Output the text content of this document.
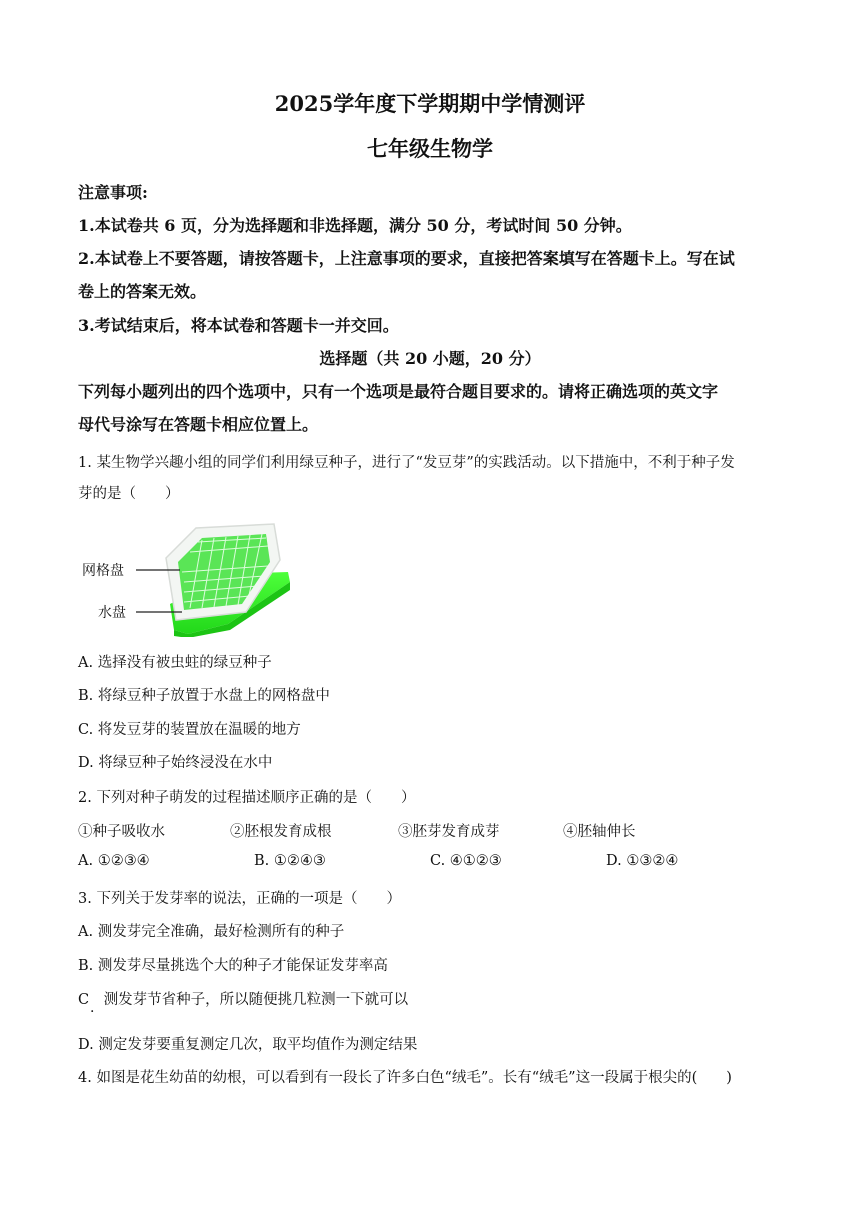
2025学年度下学期期中学情测评
七年级生物学
注意事项:
1.本试卷共 6 页，分为选择题和非选择题，满分 50 分，考试时间 50 分钟。
2.本试卷上不要答题，请按答题卡，上注意事项的要求，直接把答案填写在答题卡上。写在试
卷上的答案无效。
3.考试结束后，将本试卷和答题卡一并交回。
选择题（共 20 小题，20 分）
下列每小题列出的四个选项中，只有一个选项是最符合题目要求的。请将正确选项的英文字
母代号涂写在答题卡相应位置上。
1. 某生物学兴趣小组的同学们利用绿豆种子，进行了“发豆芽”的实践活动。以下措施中，不利于种子发
芽的是（　　）
网格盘
水盘
A. 选择没有被虫蛀的绿豆种子
B. 将绿豆种子放置于水盘上的网格盘中
C. 将发豆芽的装置放在温暖的地方
D. 将绿豆种子始终浸没在水中
2. 下列对种子萌发的过程描述顺序正确的是（　　）
①种子吸收水	②胚根发育成根	③胚芽发育成芽	④胚轴伸长
A. ①②③④	B. ①②④③	C. ④①②③	D. ①③②④
3. 下列关于发芽率的说法，正确的一项是（　　）
A. 测发芽完全准确，最好检测所有的种子
B. 测发芽尽量挑选个大的种子才能保证发芽率高
C　测发芽节省种子，所以随便挑几粒测一下就可以
·
D. 测定发芽要重复测定几次，取平均值作为测定结果
4. 如图是花生幼苗的幼根，可以看到有一段长了许多白色“绒毛”。长有“绒毛”这一段属于根尖的(　　)
